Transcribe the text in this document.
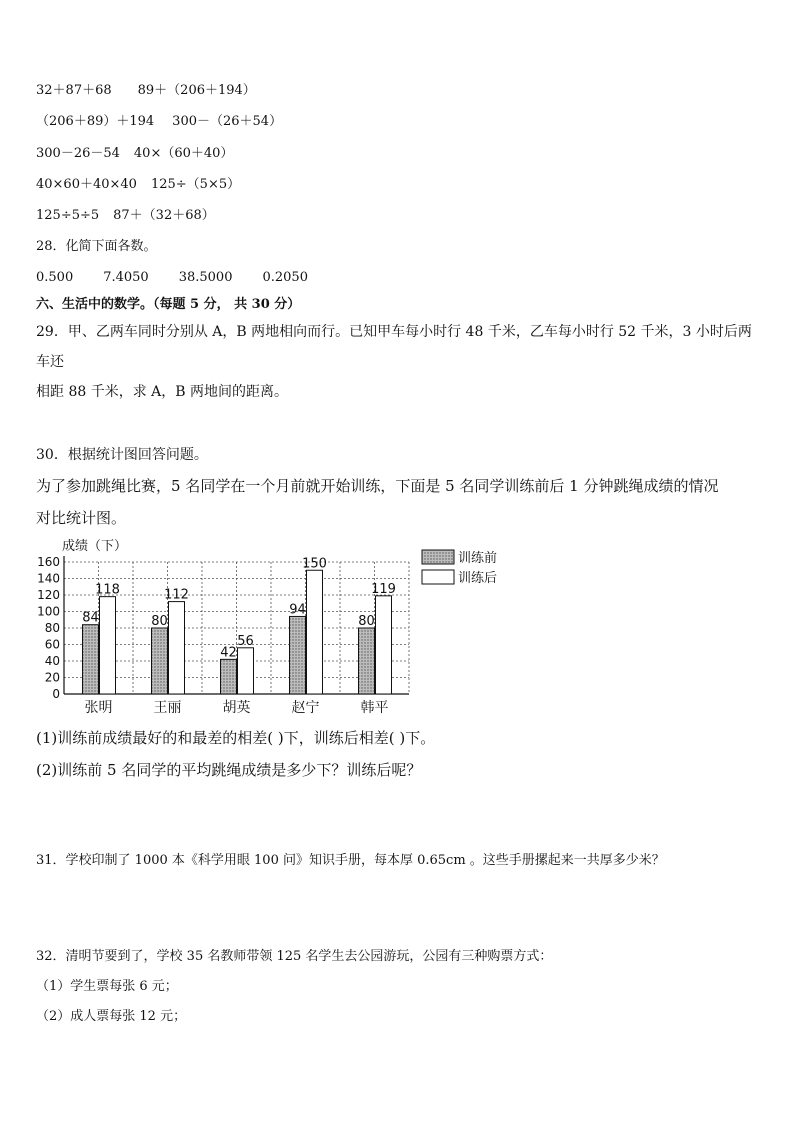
32＋87＋68 89＋（206＋194）
（206＋89）＋194 300－（26＋54）
300－26－54 40×（60＋40）
40×60＋40×40 125÷（5×5）
125÷5÷5 87＋（32＋68）
28．化简下面各数。
0.500 7.4050 38.5000 0.2050
六、生活中的数学。（每题 5 分， 共 30 分）
29．甲、乙两车同时分别从 A，B 两地相向而行。已知甲车每小时行 48 千米，乙车每小时行 52 千米，3 小时后两车还
相距 88 千米，求 A，B 两地间的距离。
30．根据统计图回答问题。
为了参加跳绳比赛，5 名同学在一个月前就开始训练，下面是 5 名同学训练前后 1 分钟跳绳成绩的情况
对比统计图。
成绩（下）
0
20
40
60
80
100
120
140
160
84
118
张明
80
112
王丽
42
56
胡英
94
150
赵宁
80
119
韩平
训练前
训练后
(1)训练前成绩最好的和最差的相差( )下，训练后相差( )下。
(2)训练前 5 名同学的平均跳绳成绩是多少下？训练后呢？
31．学校印制了 1000 本《科学用眼 100 问》知识手册，每本厚 0.65cm 。这些手册摞起来一共厚多少米？
32．清明节要到了，学校 35 名教师带领 125 名学生去公园游玩，公园有三种购票方式：
（1）学生票每张 6 元；
（2）成人票每张 12 元；
